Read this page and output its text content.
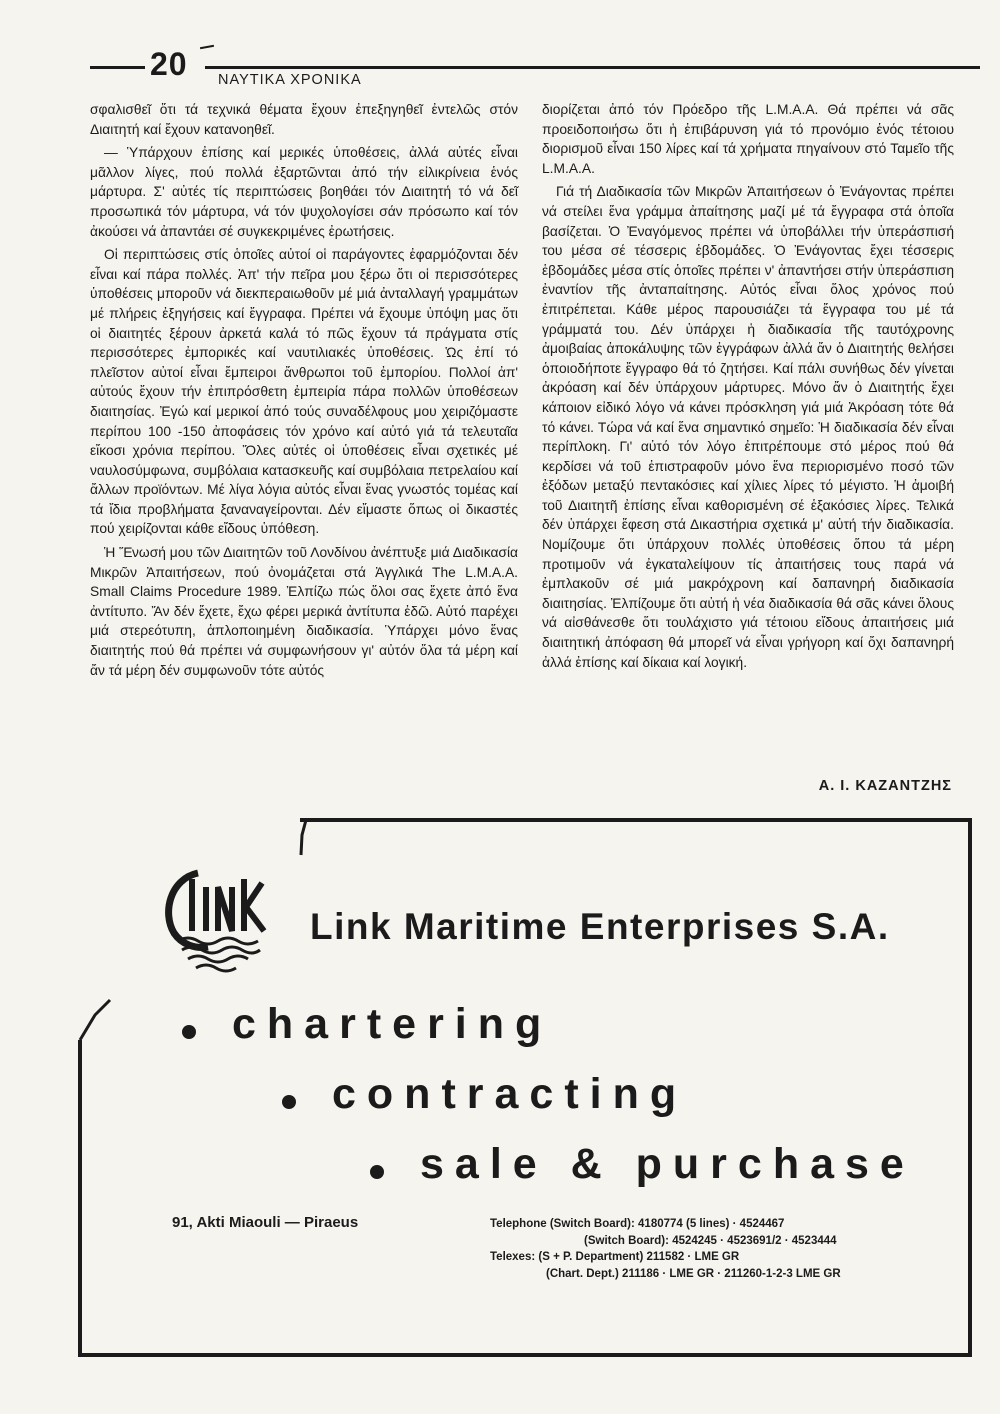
20 ΝΑΥΤΙΚΑ ΧΡΟΝΙΚΑ

σφαλισθεῖ ὅτι τά τεχνικά θέματα ἔχουν ἐπεξηγηθεῖ ἐντελῶς στόν Διαιτητή καί ἔχουν κατανοηθεῖ.

— Ὑπάρχουν ἐπίσης καί μερικές ὑποθέσεις, ἀλλά αὐτές εἶναι μᾶλλον λίγες, πού πολλά ἐξαρτῶνται ἀπό τήν εἰλικρίνεια ἑνός μάρτυρα. Σ' αὐτές τίς περιπτώσεις βοηθάει τόν Διαιτητή τό νά δεῖ προσωπικά τόν μάρτυρα, νά τόν ψυχολογίσει σάν πρόσωπο καί τόν ἀκούσει νά ἀπαντάει σέ συγκεκριμένες ἐρωτήσεις.

Οἱ περιπτώσεις στίς ὁποῖες αὐτοί οἱ παράγοντες ἐφαρμόζονται δέν εἶναι καί πάρα πολλές. Ἀπ' τήν πεῖρα μου ξέρω ὅτι οἱ περισσότερες ὑποθέσεις μποροῦν νά διεκπεραιωθοῦν μέ μιά ἀνταλλαγή γραμμάτων μέ πλήρεις ἐξηγήσεις καί ἔγγραφα. Πρέπει νά ἔχουμε ὑπόψη μας ὅτι οἱ διαιτητές ξέρουν ἀρκετά καλά τό πῶς ἔχουν τά πράγματα στίς περισσότερες ἐμπορικές καί ναυτιλιακές ὑποθέσεις. Ὡς ἐπί τό πλεῖστον αὐτοί εἶναι ἔμπειροι ἄνθρωποι τοῦ ἐμπορίου. Πολλοί ἀπ' αὐτούς ἔχουν τήν ἐπιπρόσθετη ἐμπειρία πάρα πολλῶν ὑποθέσεων διαιτησίας. Ἐγώ καί μερικοί ἀπό τούς συναδέλφους μου χειριζόμαστε περίπου 100 -150 ἀποφάσεις τόν χρόνο καί αὐτό γιά τά τελευταῖα εἴκοσι χρόνια περίπου. Ὅλες αὐτές οἱ ὑποθέσεις εἶναι σχετικές μέ ναυλοσύμφωνα, συμβόλαια κατασκευῆς καί συμβόλαια πετρελαίου καί ἄλλων προϊόντων. Μέ λίγα λόγια αὐτός εἶναι ἕνας γνωστός τομέας καί τά ἴδια προβλήματα ξαναναγείρονται. Δέν εἴμαστε ὅπως οἱ δικαστές πού χειρίζονται κάθε εἴδους ὑπόθεση.

Ἡ Ἕνωσή μου τῶν Διαιτητῶν τοῦ Λονδίνου ἀνέπτυξε μιά Διαδικασία Μικρῶν Ἀπαιτήσεων, πού ὀνομάζεται στά Ἀγγλικά The L.M.A.A. Small Claims Procedure 1989. Ἐλπίζω πώς ὅλοι σας ἔχετε ἀπό ἕνα ἀντίτυπο. Ἄν δέν ἔχετε, ἔχω φέρει μερικά ἀντίτυπα ἐδῶ. Αὐτό παρέχει μιά στερεότυπη, ἁπλοποιημένη διαδικασία. Ὑπάρχει μόνο ἕνας διαιτητής πού θά πρέπει νά συμφωνήσουν γι' αὐτόν ὅλα τά μέρη καί ἄν τά μέρη δέν συμφωνοῦν τότε αὐτός

διορίζεται ἀπό τόν Πρόεδρο τῆς L.M.A.A. Θά πρέπει νά σᾶς προειδοποιήσω ὅτι ἡ ἐπιβάρυνση γιά τό προνόμιο ἑνός τέτοιου διορισμοῦ εἶναι 150 λίρες καί τά χρήματα πηγαίνουν στό Ταμεῖο τῆς L.M.A.A.

Γιά τή Διαδικασία τῶν Μικρῶν Ἀπαιτήσεων ὁ Ἐνάγοντας πρέπει νά στείλει ἕνα γράμμα ἀπαίτησης μαζί μέ τά ἔγγραφα στά ὁποῖα βασίζεται. Ὁ Ἐναγόμενος πρέπει νά ὑποβάλλει τήν ὑπεράσπισή του μέσα σέ τέσσερις ἑβδομάδες. Ὁ Ἐνάγοντας ἔχει τέσσερις ἑβδομάδες μέσα στίς ὁποῖες πρέπει ν' ἀπαντήσει στήν ὑπεράσπιση ἐναντίον τῆς ἀνταπαίτησης. Αὐτός εἶναι ὅλος χρόνος πού ἐπιτρέπεται. Κάθε μέρος παρουσιάζει τά ἔγγραφα του μέ τά γράμματά του. Δέν ὑπάρχει ἡ διαδικασία τῆς ταυτόχρονης ἀμοιβαίας ἀποκάλυψης τῶν ἐγγράφων ἀλλά ἄν ὁ Διαιτητής θελήσει ὁποιοδήποτε ἔγγραφο θά τό ζητήσει. Καί πάλι συνήθως δέν γίνεται ἀκρόαση καί δέν ὑπάρχουν μάρτυρες. Μόνο ἄν ὁ Διαιτητής ἔχει κάποιον εἰδικό λόγο νά κάνει πρόσκληση γιά μιά Ἀκρόαση τότε θά τό κάνει. Τώρα νά καί ἕνα σημαντικό σημεῖο: Ἡ διαδικασία δέν εἶναι περίπλοκη. Γι' αὐτό τόν λόγο ἐπιτρέπουμε στό μέρος πού θά κερδίσει νά τοῦ ἐπιστραφοῦν μόνο ἕνα περιορισμένο ποσό τῶν ἐξόδων μεταξύ πεντακόσιες καί χίλιες λίρες τό μέγιστο. Ἡ ἀμοιβή τοῦ Διαιτητῆ ἐπίσης εἶναι καθορισμένη σέ ἑξακόσιες λίρες. Τελικά δέν ὑπάρχει ἔφεση στά Δικαστήρια σχετικά μ' αὐτή τήν διαδικασία. Νομίζουμε ὅτι ὑπάρχουν πολλές ὑποθέσεις ὅπου τά μέρη προτιμοῦν νά ἐγκαταλείψουν τίς ἀπαιτήσεις τους παρά νά ἐμπλακοῦν σέ μιά μακρόχρονη καί δαπανηρή διαδικασία διαιτησίας. Ἐλπίζουμε ὅτι αὐτή ἡ νέα διαδικασία θά σᾶς κάνει ὅλους νά αἰσθάνεσθε ὅτι τουλάχιστο γιά τέτοιου εἴδους ἀπαιτήσεις μιά διαιτητική ἀπόφαση θά μπορεῖ νά εἶναι γρήγορη καί ὄχι δαπανηρή ἀλλά ἐπίσης καί δίκαια καί λογική.

Α. Ι. ΚΑΖΑΝΤΖΗΣ
Link Maritime Enterprises S.A.
chartering
contracting
sale & purchase
91, Akti Miaouli — Piraeus	Telephone (Switch Board): 4180774 (5 lines) · 4524467
(Switch Board): 4524245 · 4523691/2 · 4523444
Telexes: (S + P. Department) 211582 · LME GR
(Chart. Dept.) 211186 · LME GR · 211260-1-2-3 LME GR
